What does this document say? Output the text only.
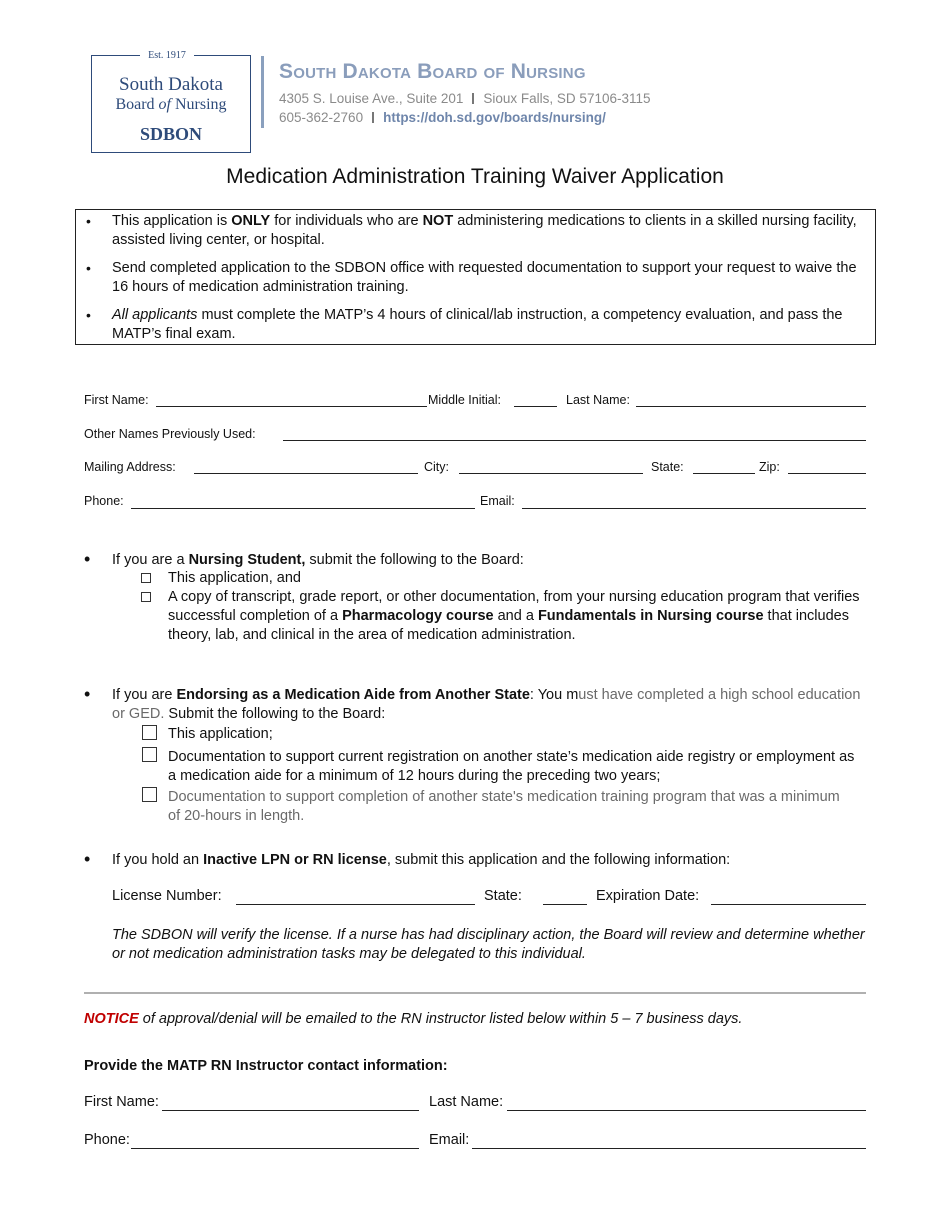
Est. 1917
South Dakota
Board of Nursing
SDBON
South Dakota Board of Nursing
4305 S. Louise Ave., Suite 201 Sioux Falls, SD 57106-3115
605-362-2760 https://doh.sd.gov/boards/nursing/
Medication Administration Training Waiver Application
• This application is ONLY for individuals who are NOT administering medications to clients in a skilled nursing facility, assisted living center, or hospital.
• Send completed application to the SDBON office with requested documentation to support your request to waive the 16 hours of medication administration training.
• All applicants must complete the MATP’s 4 hours of clinical/lab instruction, a competency evaluation, and pass the MATP’s final exam.
First Name:	Middle Initial:	Last Name:
Other Names Previously Used:
Mailing Address:	City:	State:	Zip:
Phone:	Email:
• If you are a Nursing Student, submit the following to the Board:
This application, and
A copy of transcript, grade report, or other documentation, from your nursing education program that verifies successful completion of a Pharmacology course and a Fundamentals in Nursing course that includes theory, lab, and clinical in the area of medication administration.
• If you are Endorsing as a Medication Aide from Another State: You must have completed a high school education or GED. Submit the following to the Board:
This application;
Documentation to support current registration on another state’s medication aide registry or employment as a medication aide for a minimum of 12 hours during the preceding two years;
Documentation to support completion of another state's medication training program that was a minimum of 20-hours in length.
• If you hold an Inactive LPN or RN license, submit this application and the following information:
License Number:	State:	Expiration Date:
The SDBON will verify the license. If a nurse has had disciplinary action, the Board will review and determine whether or not medication administration tasks may be delegated to this individual.
NOTICE of approval/denial will be emailed to the RN instructor listed below within 5 – 7 business days.
Provide the MATP RN Instructor contact information:
First Name:	Last Name:
Phone:	Email:
